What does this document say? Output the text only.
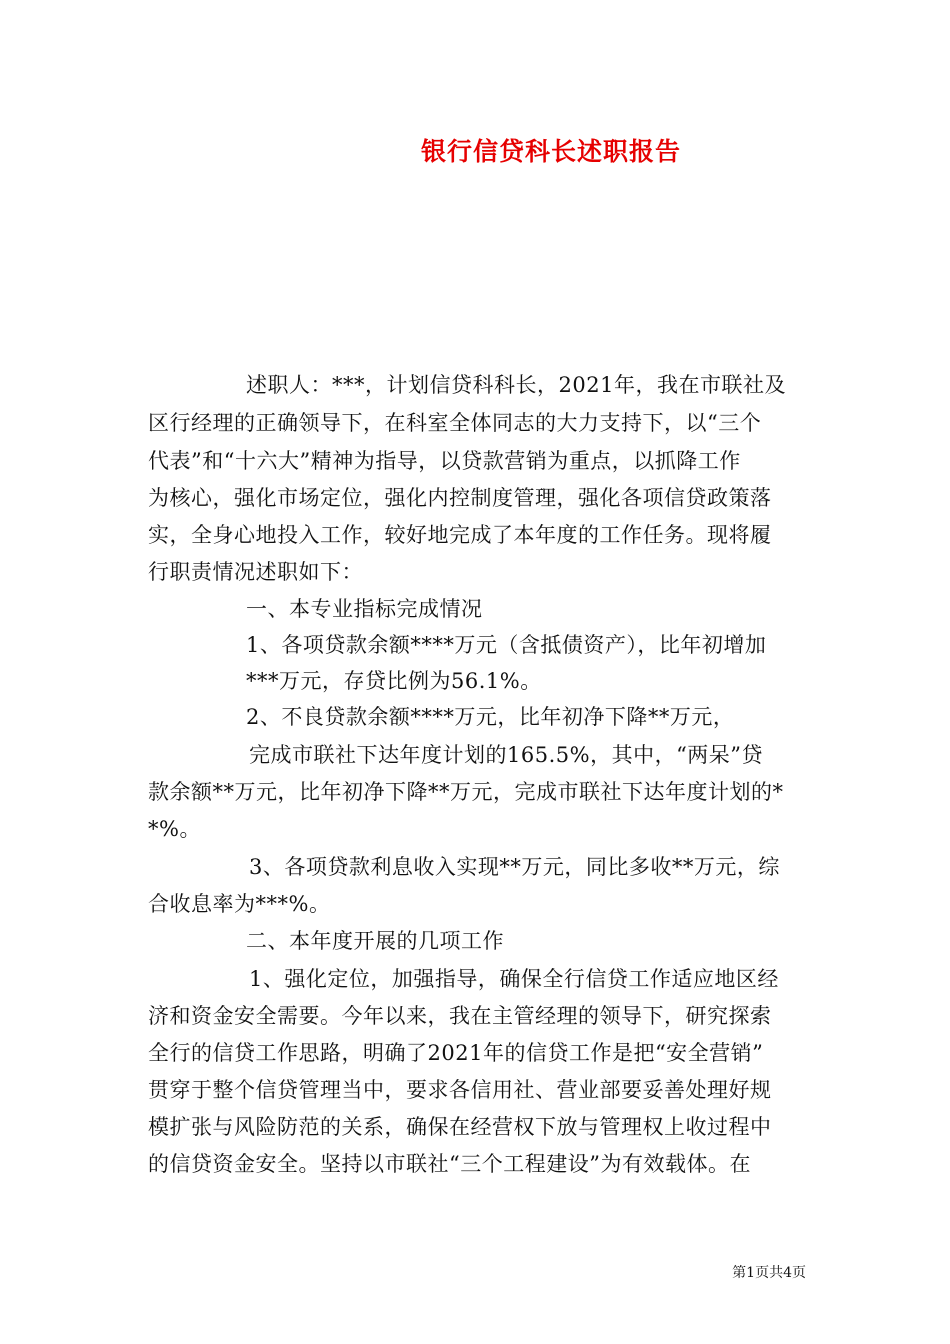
银行信贷科长述职报告
述职人：***，计划信贷科科长，2021年，我在市联社及
区行经理的正确领导下，在科室全体同志的大力支持下，以“三个
代表”和“十六大”精神为指导，以贷款营销为重点，以抓降工作
为核心，强化市场定位，强化内控制度管理，强化各项信贷政策落
实，全身心地投入工作，较好地完成了本年度的工作任务。现将履
行职责情况述职如下：
一、本专业指标完成情况
1、各项贷款余额****万元（含抵债资产），比年初增加
***万元，存贷比例为56.1%。
2、不良贷款余额****万元，比年初净下降**万元，
完成市联社下达年度计划的165.5%，其中，“两呆”贷
款余额**万元，比年初净下降**万元，完成市联社下达年度计划的*
*%。
3、各项贷款利息收入实现**万元，同比多收**万元，综
合收息率为***%。
二、本年度开展的几项工作
1、强化定位，加强指导，确保全行信贷工作适应地区经
济和资金安全需要。今年以来，我在主管经理的领导下，研究探索
全行的信贷工作思路，明确了2021年的信贷工作是把“安全营销”
贯穿于整个信贷管理当中，要求各信用社、营业部要妥善处理好规
模扩张与风险防范的关系，确保在经营权下放与管理权上收过程中
的信贷资金安全。坚持以市联社“三个工程建设”为有效载体。在
第1页共4页
